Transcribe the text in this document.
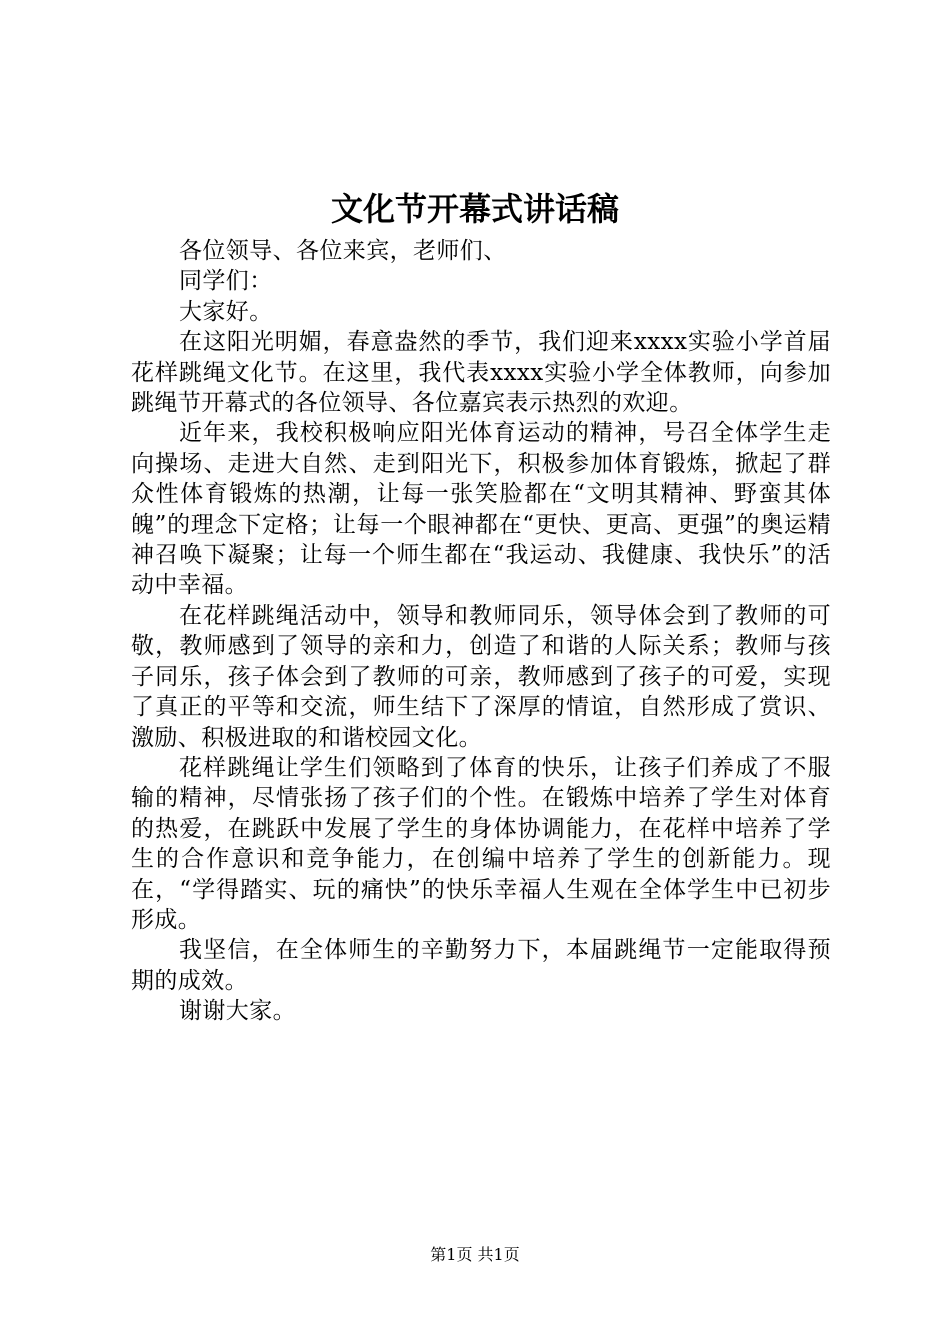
文化节开幕式讲话稿

各位领导、各位来宾，老师们、

同学们：

大家好。

在这阳光明媚，春意盎然的季节，我们迎来xxxx实验小学首届花样跳绳文化节。在这里，我代表xxxx实验小学全体教师，向参加跳绳节开幕式的各位领导、各位嘉宾表示热烈的欢迎。

近年来，我校积极响应阳光体育运动的精神，号召全体学生走向操场、走进大自然、走到阳光下，积极参加体育锻炼，掀起了群众性体育锻炼的热潮，让每一张笑脸都在“文明其精神、野蛮其体魄”的理念下定格；让每一个眼神都在“更快、更高、更强”的奥运精神召唤下凝聚；让每一个师生都在“我运动、我健康、我快乐”的活动中幸福。

在花样跳绳活动中，领导和教师同乐，领导体会到了教师的可敬，教师感到了领导的亲和力，创造了和谐的人际关系；教师与孩子同乐，孩子体会到了教师的可亲，教师感到了孩子的可爱，实现了真正的平等和交流，师生结下了深厚的情谊，自然形成了赏识、激励、积极进取的和谐校园文化。

花样跳绳让学生们领略到了体育的快乐，让孩子们养成了不服输的精神，尽情张扬了孩子们的个性。在锻炼中培养了学生对体育的热爱，在跳跃中发展了学生的身体协调能力，在花样中培养了学生的合作意识和竞争能力，在创编中培养了学生的创新能力。现在，“学得踏实、玩的痛快”的快乐幸福人生观在全体学生中已初步形成。

我坚信，在全体师生的辛勤努力下，本届跳绳节一定能取得预期的成效。

谢谢大家。

第1页 共1页
